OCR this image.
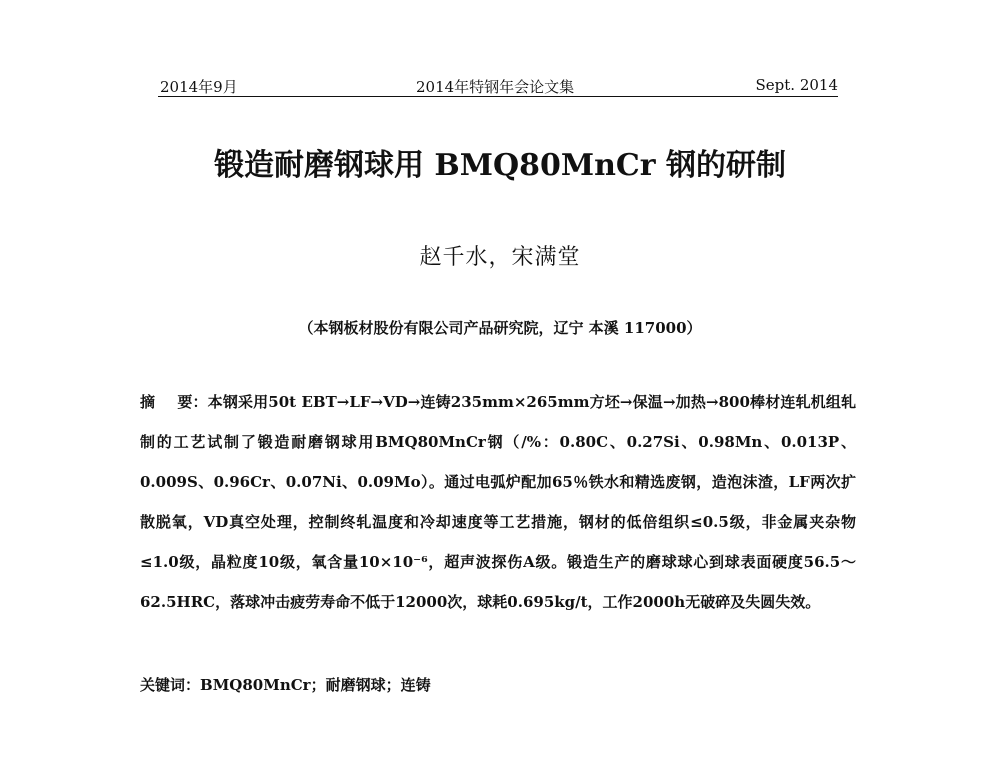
2014年9月	2014年特钢年会论文集	Sept. 2014
锻造耐磨钢球用 BMQ80MnCr 钢的研制
赵千水，宋满堂
（本钢板材股份有限公司产品研究院，辽宁 本溪 117000）
摘 要：本钢采用50t EBT→LF→VD→连铸235mm×265mm方坯→保温→加热→800棒材连轧机组轧制的工艺试制了锻造耐磨钢球用BMQ80MnCr钢（/%：0.80C、0.27Si、0.98Mn、0.013P、0.009S、0.96Cr、0.07Ni、0.09Mo）。通过电弧炉配加65％铁水和精选废钢，造泡沫渣，LF两次扩散脱氧，VD真空处理，控制终轧温度和冷却速度等工艺措施，钢材的低倍组织≤0.5级，非金属夹杂物≤1.0级，晶粒度10级，氧含量10×10⁻⁶，超声波探伤A级。锻造生产的磨球球心到球表面硬度56.5～62.5HRC，落球冲击疲劳寿命不低于12000次，球耗0.695kg/t，工作2000h无破碎及失圆失效。
关键词：BMQ80MnCr；耐磨钢球；连铸
